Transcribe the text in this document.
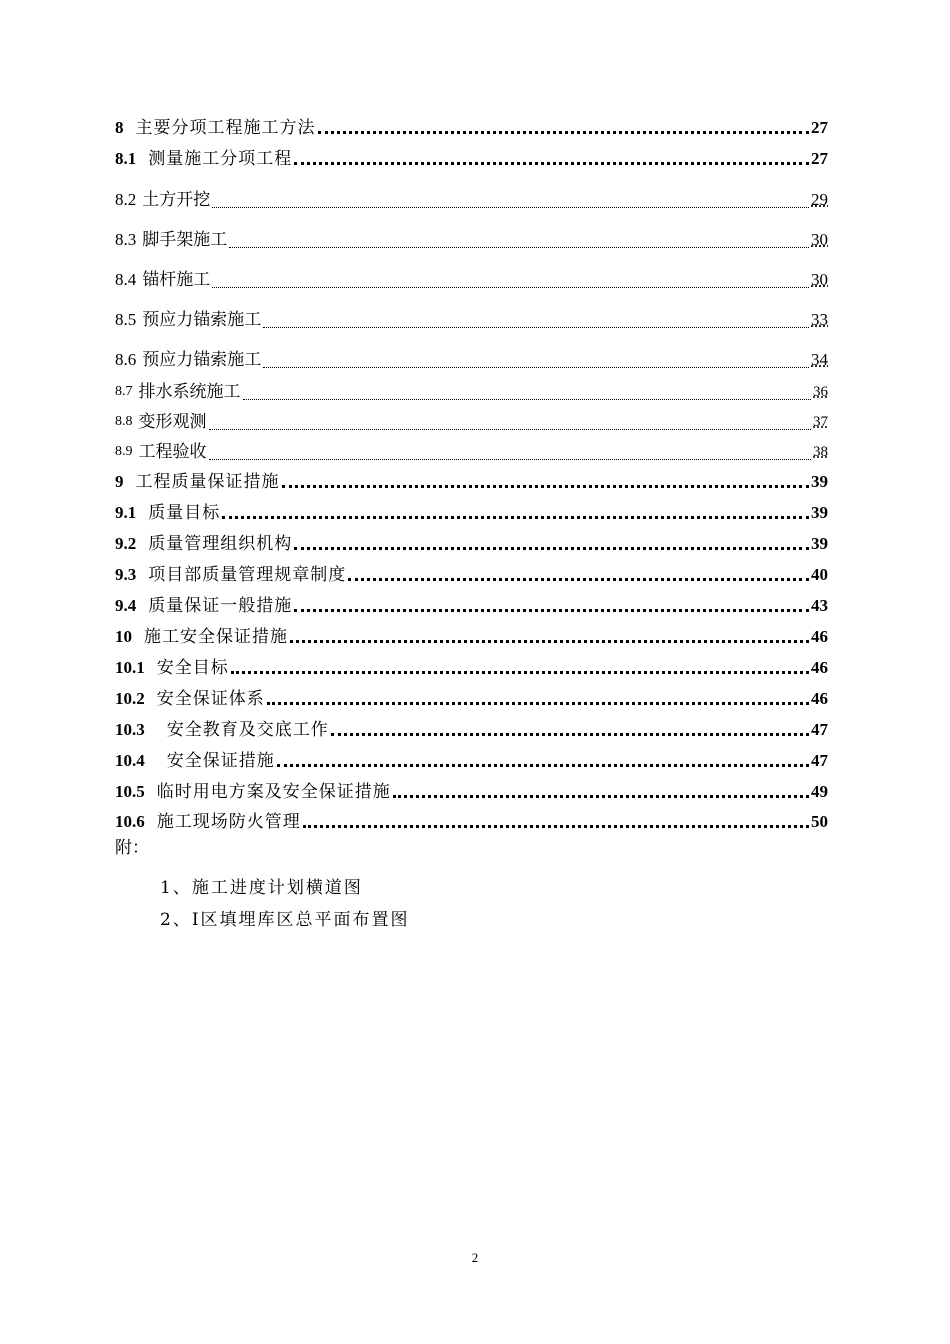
8 主要分项工程施工方法	27
8.1 测量施工分项工程	27
8.2 土方开挖	29
8.3 脚手架施工	30
8.4 锚杆施工	30
8.5 预应力锚索施工	33
8.6 预应力锚索施工	34
8.7 排水系统施工	36
8.8 变形观测	37
8.9 工程验收	38
9 工程质量保证措施	39
9.1 质量目标	39
9.2 质量管理组织机构	39
9.3 项目部质量管理规章制度	40
9.4 质量保证一般措施	43
10 施工安全保证措施	46
10.1 安全目标	46
10.2 安全保证体系	46
10.3 安全教育及交底工作	47
10.4 安全保证措施	47
10.5 临时用电方案及安全保证措施	49
10.6 施工现场防火管理	50
附：
1、施工进度计划横道图
2、I区填埋库区总平面布置图
2
